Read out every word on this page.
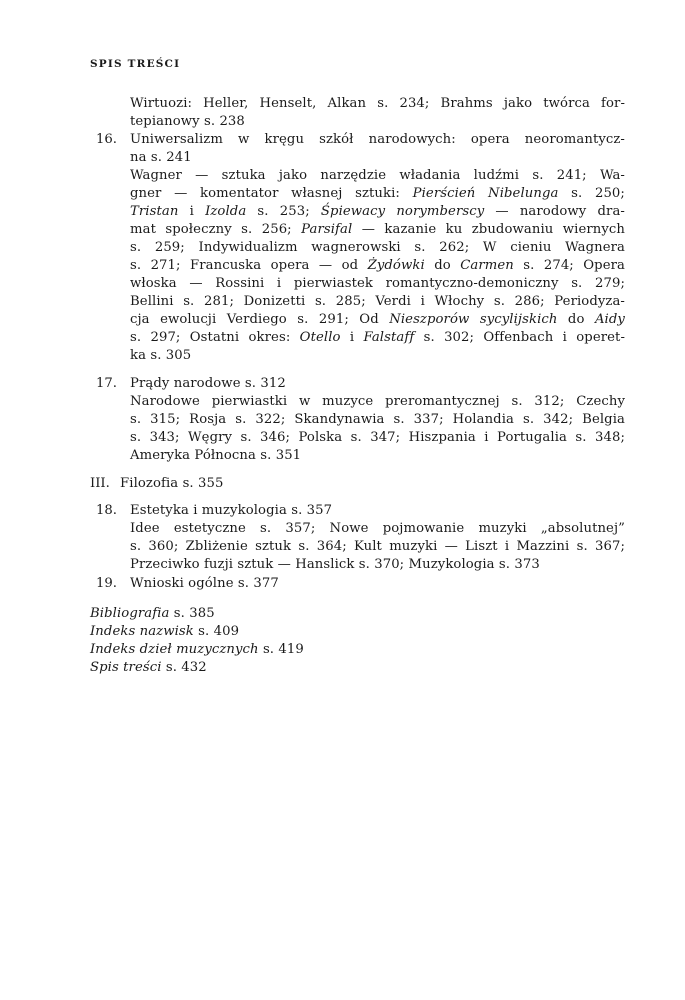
SPIS TREŚCI
Wirtuozi: Heller, Henselt, Alkan s. 234; Brahms jako twórca for-
tepianowy s. 238
16. Uniwersalizm w kręgu szkół narodowych: opera neoromantycz-
na s. 241
Wagner — sztuka jako narzędzie władania ludźmi s. 241; Wa-
gner — komentator własnej sztuki: Pierścień Nibelunga s. 250;
Tristan i Izolda s. 253; Śpiewacy norymberscy — narodowy dra-
mat społeczny s. 256; Parsifal — kazanie ku zbudowaniu wiernych
s. 259; Indywidualizm wagnerowski s. 262; W cieniu Wagnera
s. 271; Francuska opera — od Żydówki do Carmen s. 274; Opera
włoska — Rossini i pierwiastek romantyczno-demoniczny s. 279;
Bellini s. 281; Donizetti s. 285; Verdi i Włochy s. 286; Periodyza-
cja ewolucji Verdiego s. 291; Od Nieszporów sycylijskich do Aidy
s. 297; Ostatni okres: Otello i Falstaff s. 302; Offenbach i operet-
ka s. 305
17. Prądy narodowe s. 312
Narodowe pierwiastki w muzyce preromantycznej s. 312; Czechy
s. 315; Rosja s. 322; Skandynawia s. 337; Holandia s. 342; Belgia
s. 343; Węgry s. 346; Polska s. 347; Hiszpania i Portugalia s. 348;
Ameryka Północna s. 351
III. Filozofia s. 355
18. Estetyka i muzykologia s. 357
Idee estetyczne s. 357; Nowe pojmowanie muzyki „absolutnej”
s. 360; Zbliżenie sztuk s. 364; Kult muzyki — Liszt i Mazzini s. 367;
Przeciwko fuzji sztuk — Hanslick s. 370; Muzykologia s. 373
19. Wnioski ogólne s. 377
Bibliografia s. 385
Indeks nazwisk s. 409
Indeks dzieł muzycznych s. 419
Spis treści s. 432
